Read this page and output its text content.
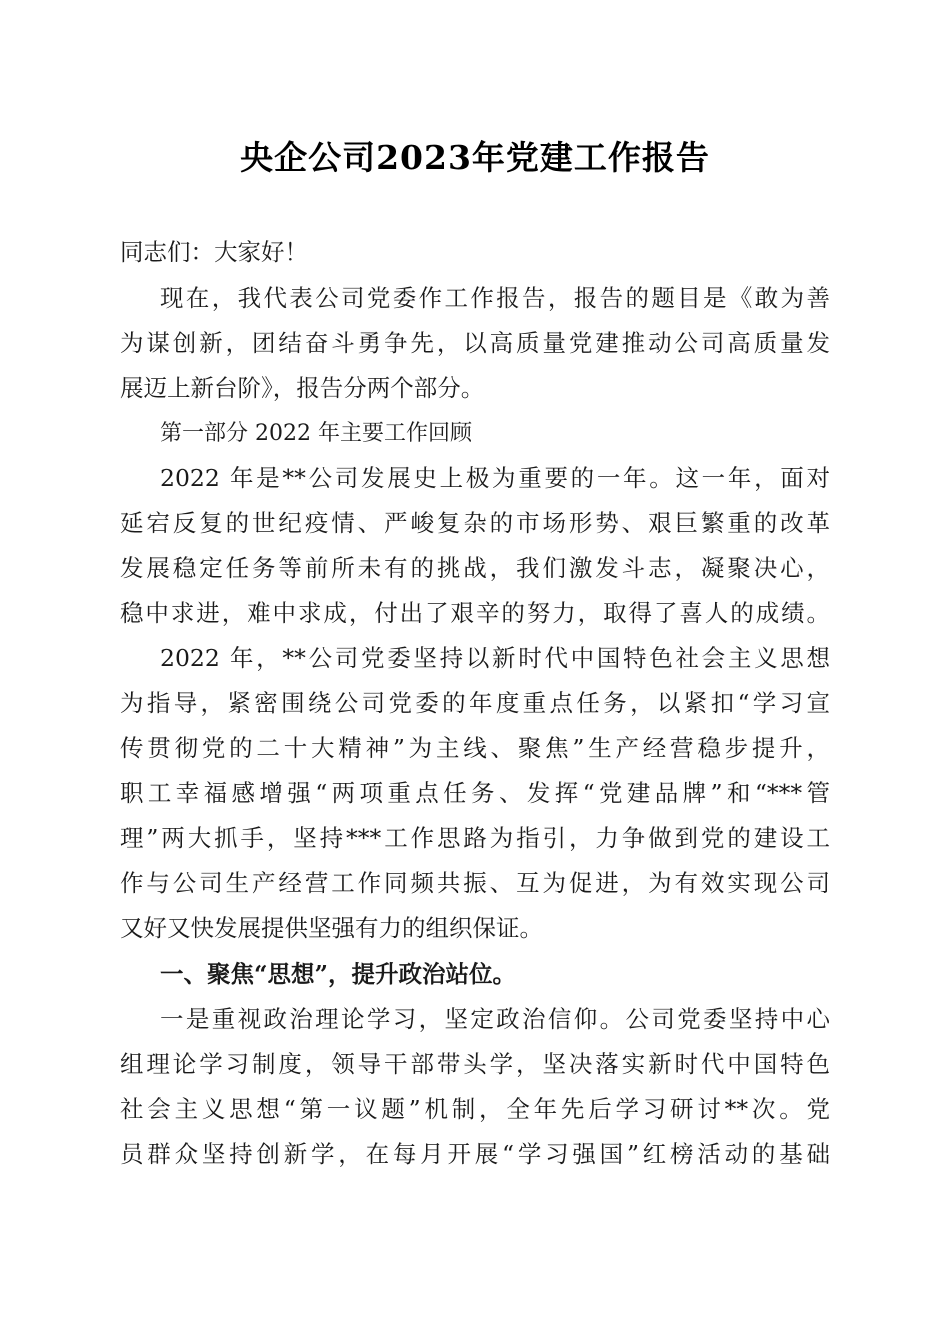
央企公司2023年党建工作报告
同志们：大家好！
现在，我代表公司党委作工作报告，报告的题目是《敢为善
为谋创新，团结奋斗勇争先，以高质量党建推动公司高质量发
展迈上新台阶》，报告分两个部分。
第一部分 2022 年主要工作回顾
2022 年是**公司发展史上极为重要的一年。这一年，面对
延宕反复的世纪疫情、严峻复杂的市场形势、艰巨繁重的改革
发展稳定任务等前所未有的挑战，我们激发斗志，凝聚决心，
稳中求进，难中求成，付出了艰辛的努力，取得了喜人的成绩。
2022 年，**公司党委坚持以新时代中国特色社会主义思想
为指导，紧密围绕公司党委的年度重点任务，以紧扣“学习宣
传贯彻党的二十大精神”为主线、聚焦”生产经营稳步提升，
职工幸福感增强“两项重点任务、发挥“党建品牌”和“***管
理”两大抓手，坚持***工作思路为指引，力争做到党的建设工
作与公司生产经营工作同频共振、互为促进，为有效实现公司
又好又快发展提供坚强有力的组织保证。
一、聚焦“思想”，提升政治站位。
一是重视政治理论学习，坚定政治信仰。公司党委坚持中心
组理论学习制度，领导干部带头学，坚决落实新时代中国特色
社会主义思想“第一议题”机制，全年先后学习研讨**次。党
员群众坚持创新学，在每月开展“学习强国”红榜活动的基础
